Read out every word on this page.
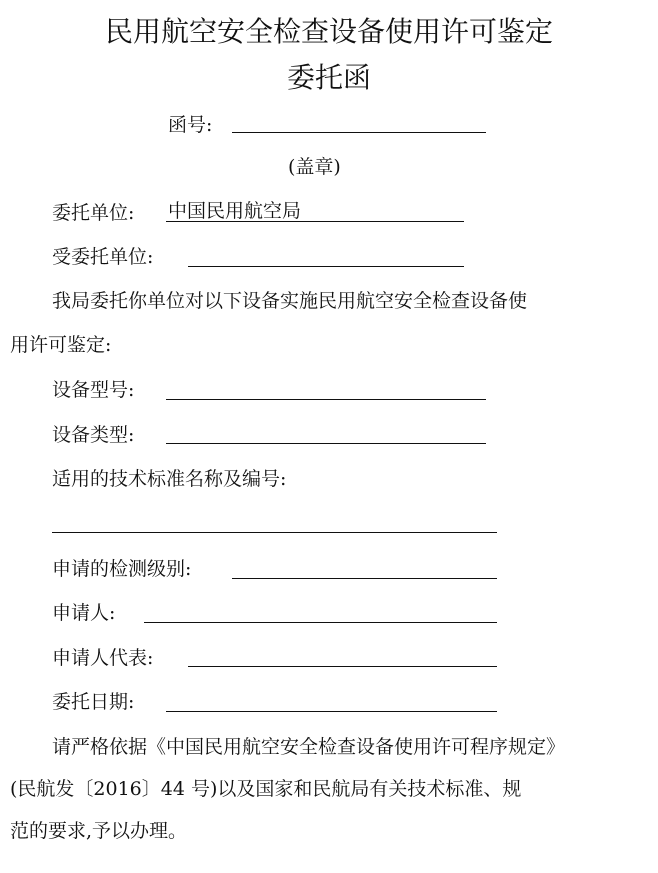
民用航空安全检查设备使用许可鉴定
委托函
函号:
(盖章)
委托单位: 中国民用航空局
受委托单位:
我局委托你单位对以下设备实施民用航空安全检查设备使
用许可鉴定:
设备型号:
设备类型:
适用的技术标准名称及编号:
申请的检测级别:
申请人:
申请人代表:
委托日期:
请严格依据《中国民用航空安全检查设备使用许可程序规定》
(民航发〔2016〕44 号)以及国家和民航局有关技术标准、规
范的要求,予以办理。
